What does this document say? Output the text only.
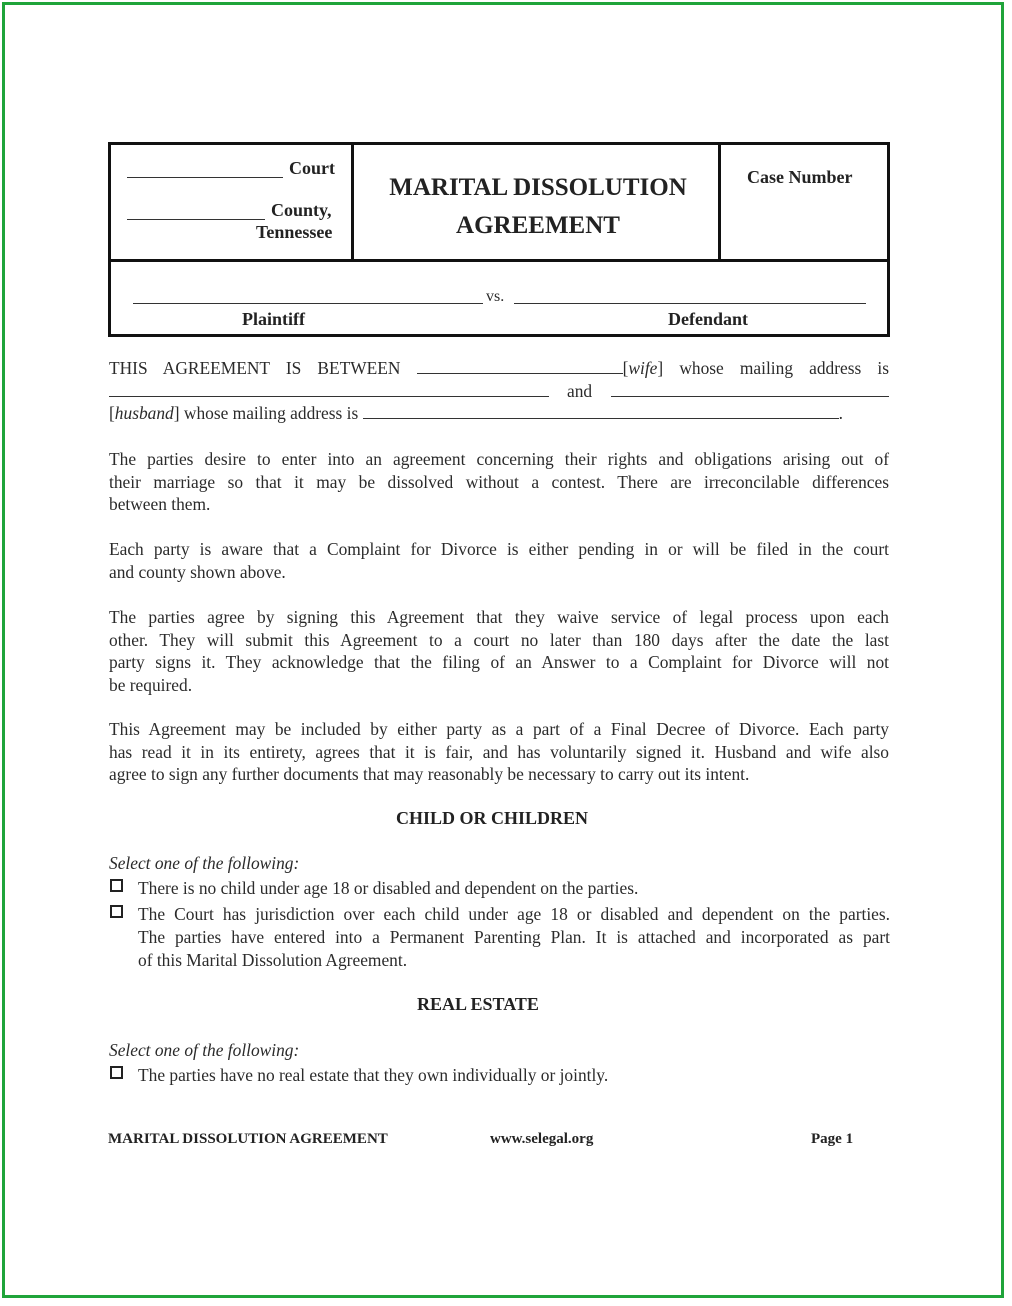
Court
County,
Tennessee
MARITAL DISSOLUTION
AGREEMENT
Case Number
vs.
Plaintiff	Defendant
THIS AGREEMENT IS BETWEEN	[wife] whose mailing address is
and
[husband] whose mailing address is	.
The parties desire to enter into an agreement concerning their rights and obligations arising out of
their marriage so that it may be dissolved without a contest. There are irreconcilable differences
between them.
Each party is aware that a Complaint for Divorce is either pending in or will be filed in the court
and county shown above.
The parties agree by signing this Agreement that they waive service of legal process upon each
other. They will submit this Agreement to a court no later than 180 days after the date the last
party signs it. They acknowledge that the filing of an Answer to a Complaint for Divorce will not
be required.
This Agreement may be included by either party as a part of a Final Decree of Divorce. Each party
has read it in its entirety, agrees that it is fair, and has voluntarily signed it. Husband and wife also
agree to sign any further documents that may reasonably be necessary to carry out its intent.
CHILD OR CHILDREN
Select one of the following:
There is no child under age 18 or disabled and dependent on the parties.
The Court has jurisdiction over each child under age 18 or disabled and dependent on the parties.
The parties have entered into a Permanent Parenting Plan. It is attached and incorporated as part
of this Marital Dissolution Agreement.
REAL ESTATE
Select one of the following:
The parties have no real estate that they own individually or jointly.
MARITAL DISSOLUTION AGREEMENT	www.selegal.org	Page 1
